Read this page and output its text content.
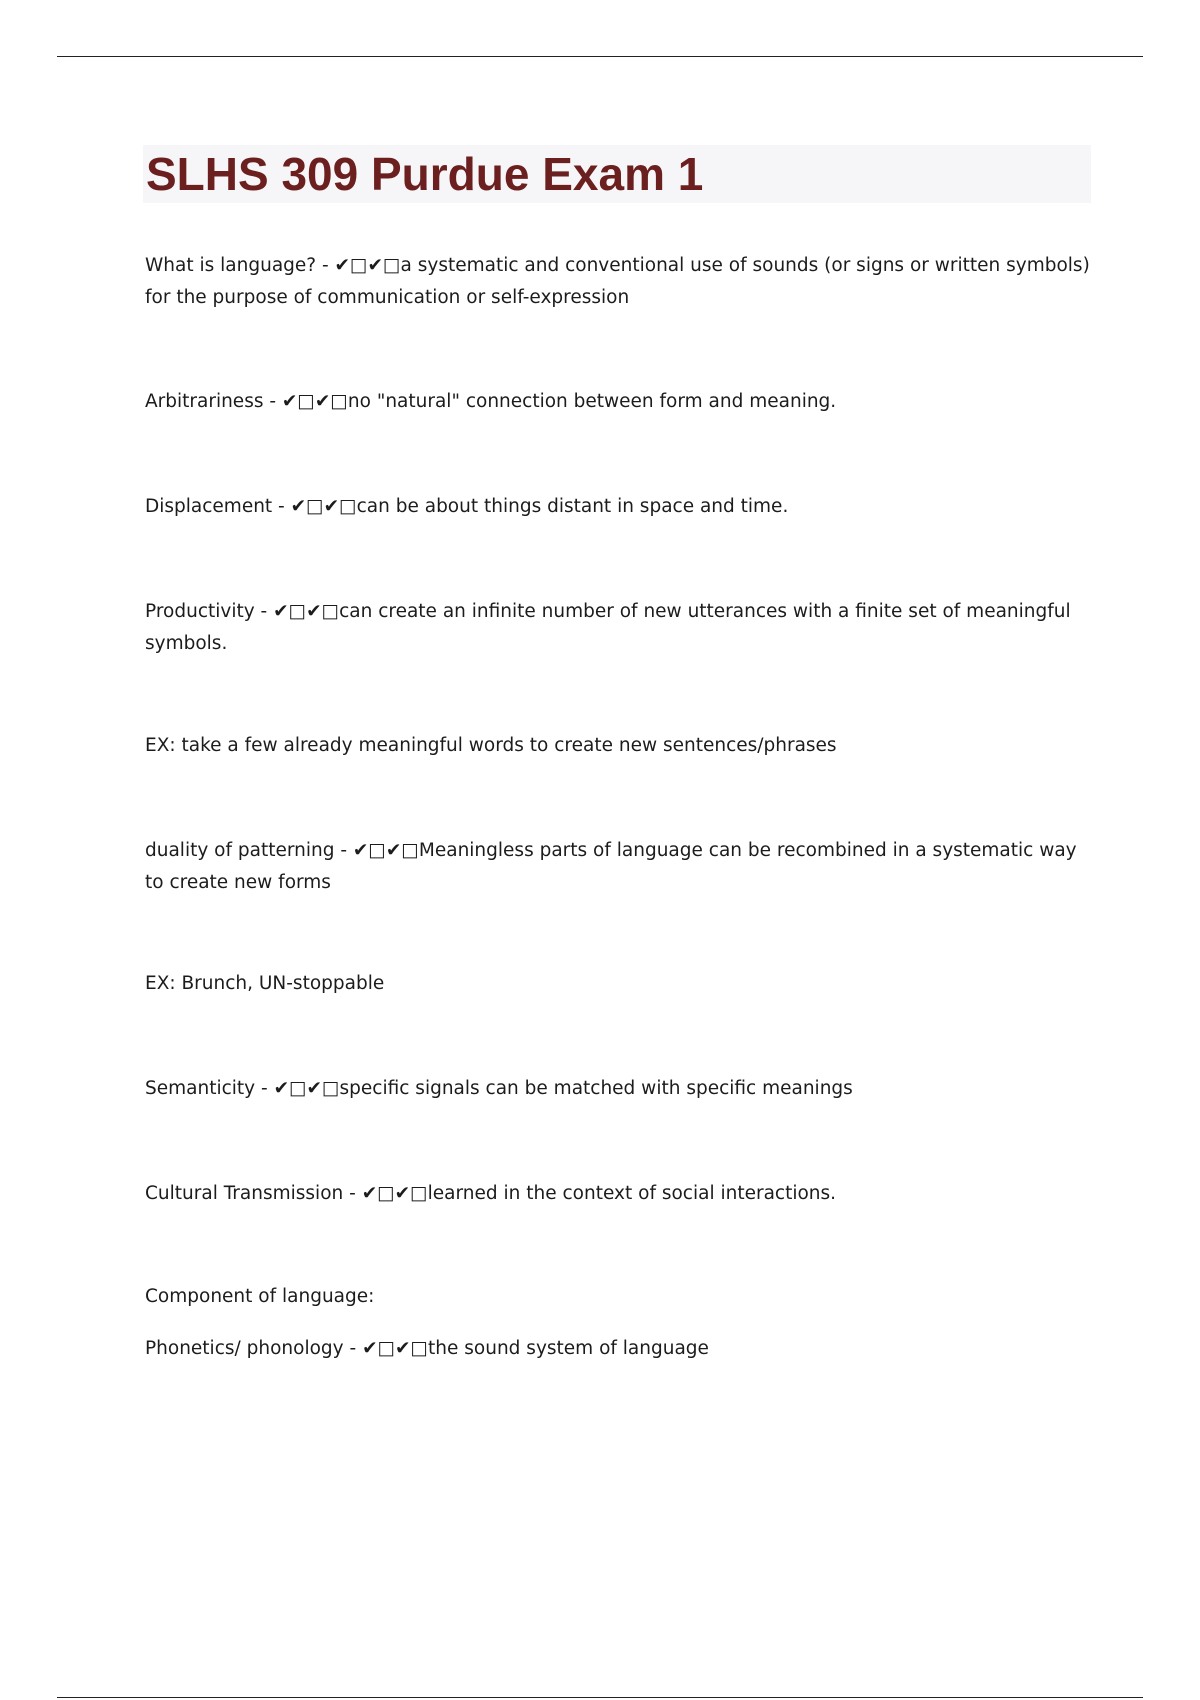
SLHS 309 Purdue Exam 1

What is language? - ✔□✔□a systematic and conventional use of sounds (or signs or written symbols) for the purpose of communication or self-expression

Arbitrariness - ✔□✔□no "natural" connection between form and meaning.

Displacement - ✔□✔□can be about things distant in space and time.

Productivity - ✔□✔□can create an infinite number of new utterances with a finite set of meaningful symbols.

EX: take a few already meaningful words to create new sentences/phrases

duality of patterning - ✔□✔□Meaningless parts of language can be recombined in a systematic way to create new forms

EX: Brunch, UN-stoppable

Semanticity - ✔□✔□specific signals can be matched with specific meanings

Cultural Transmission - ✔□✔□learned in the context of social interactions.

Component of language:

Phonetics/ phonology - ✔□✔□the sound system of language
